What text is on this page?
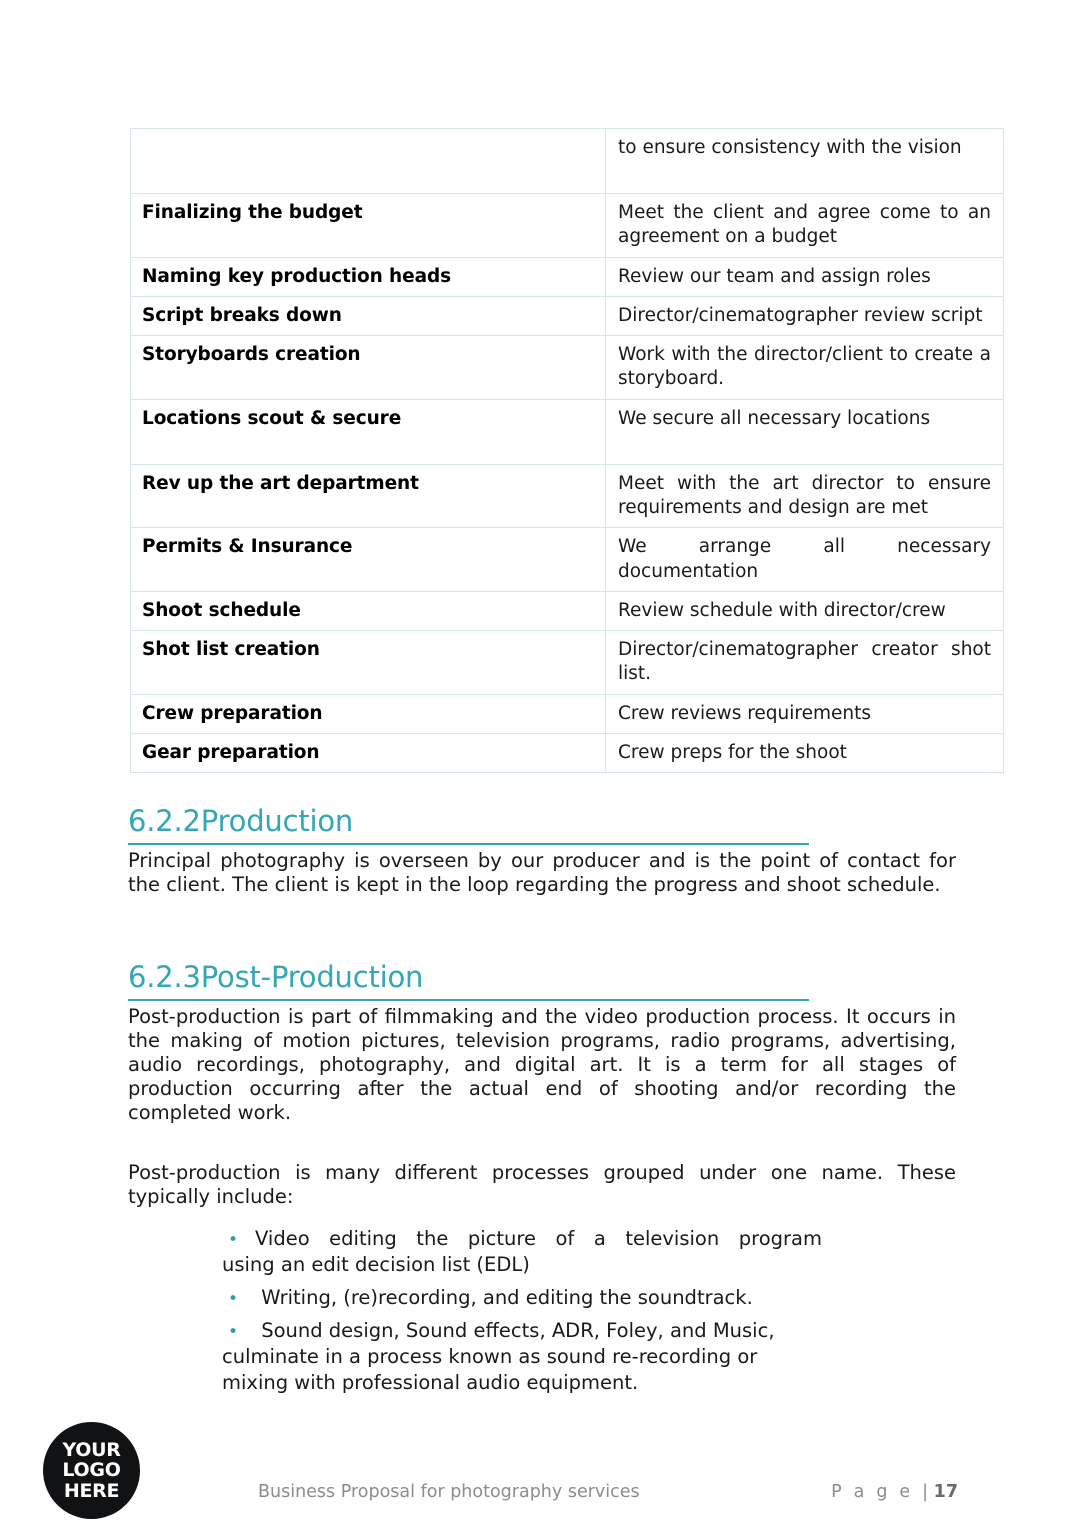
	to ensure consistency with the vision
Finalizing the budget	Meet the client and agree come to an agreement on a budget
Naming key production heads	Review our team and assign roles
Script breaks down	Director/cinematographer review script
Storyboards creation	Work with the director/client to create a storyboard.
Locations scout & secure	We secure all necessary locations
Rev up the art department	Meet with the art director to ensure requirements and design are met
Permits & Insurance	We arrange all necessary documentation
Shoot schedule	Review schedule with director/crew
Shot list creation	Director/cinematographer creator shot list.
Crew preparation	Crew reviews requirements
Gear preparation	Crew preps for the shoot
6.2.2Production

Principal photography is overseen by our producer and is the point of contact for the client. The client is kept in the loop regarding the progress and shoot schedule.

6.2.3Post-Production

Post-production is part of filmmaking and the video production process. It occurs in the making of motion pictures, television programs, radio programs, advertising, audio recordings, photography, and digital art. It is a term for all stages of production occurring after the actual end of shooting and/or recording the completed work.

Post-production is many different processes grouped under one name. These typically include:

• Video editing the picture of a television program
using an edit decision list (EDL)
• Writing, (re)recording, and editing the soundtrack.
• Sound design, Sound effects, ADR, Foley, and Music,
culminate in a process known as sound re-recording or mixing with professional audio equipment.
YOUR
LOGO
HERE	Business Proposal for photography services	P a g e | 17
